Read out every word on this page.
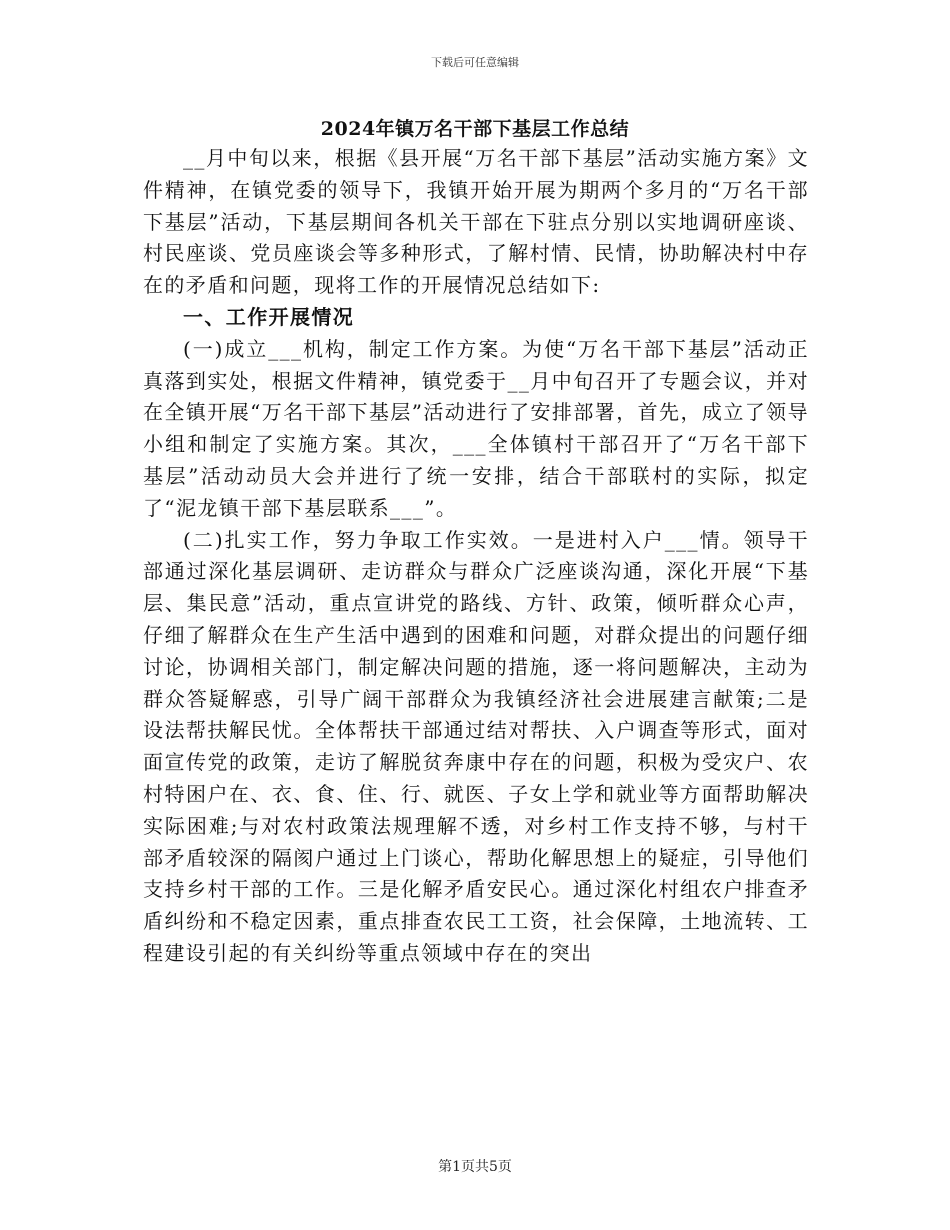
下载后可任意编辑
2024年镇万名干部下基层工作总结

__月中旬以来，根据《县开展“万名干部下基层”活动实施方案》文件精神，在镇党委的领导下，我镇开始开展为期两个多月的“万名干部下基层”活动，下基层期间各机关干部在下驻点分别以实地调研座谈、村民座谈、党员座谈会等多种形式，了解村情、民情，协助解决村中存在的矛盾和问题，现将工作的开展情况总结如下:

一、工作开展情况

(一)成立___机构，制定工作方案。为使“万名干部下基层”活动正真落到实处，根据文件精神，镇党委于__月中旬召开了专题会议，并对在全镇开展“万名干部下基层”活动进行了安排部署，首先，成立了领导小组和制定了实施方案。其次，___全体镇村干部召开了“万名干部下基层”活动动员大会并进行了统一安排，结合干部联村的实际，拟定了“泥龙镇干部下基层联系___”。

(二)扎实工作，努力争取工作实效。一是进村入户___情。领导干部通过深化基层调研、走访群众与群众广泛座谈沟通，深化开展“下基层、集民意”活动，重点宣讲党的路线、方针、政策，倾听群众心声，仔细了解群众在生产生活中遇到的困难和问题，对群众提出的问题仔细讨论，协调相关部门，制定解决问题的措施，逐一将问题解决，主动为群众答疑解惑，引导广阔干部群众为我镇经济社会进展建言献策;二是设法帮扶解民忧。全体帮扶干部通过结对帮扶、入户调查等形式，面对面宣传党的政策，走访了解脱贫奔康中存在的问题，积极为受灾户、农村特困户在、衣、食、住、行、就医、子女上学和就业等方面帮助解决实际困难;与对农村政策法规理解不透，对乡村工作支持不够，与村干部矛盾较深的隔阂户通过上门谈心，帮助化解思想上的疑症，引导他们支持乡村干部的工作。三是化解矛盾安民心。通过深化村组农户排查矛盾纠纷和不稳定因素，重点排查农民工工资，社会保障，土地流转、工程建设引起的有关纠纷等重点领域中存在的突出

第1页共5页
